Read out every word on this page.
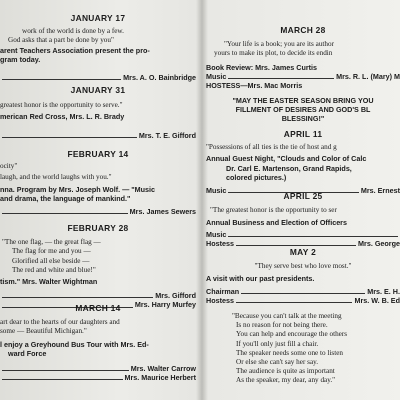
JANUARY 17
work of the world is done by a few.
God asks that a part be done by you"
arent Teachers Association present the pro-
gram today.
Mrs. A. O. Bainbridge
JANUARY 31
greatest honor is the opportunity to serve."
merican Red Cross, Mrs. L. R. Brady
Mrs. T. E. Gifford
FEBRUARY 14
ocity"
laugh, and the world laughs with you."
nna. Program by Mrs. Joseph Wolf. — "Music
and drama, the language of mankind."
Mrs. James Sewers
FEBRUARY 28
"The one flag, — the great flag —
The flag for me and you —
Glorified all else beside —
The red and white and blue!"
tism." Mrs. Walter Wightman
Mrs. Gifford
Mrs. Harry Murfey
MARCH 14
art dear to the hearts of our daughters and
some — Beautiful Michigan."
l enjoy a Greyhound Bus Tour with Mrs. Ed-
ward Force
Mrs. Walter Carrow
Mrs. Maurice Herbert
MARCH 28
"Your life is a book; you are its author
yours to make its plot, to decide its endin
Book Review: Mrs. James Curtis
Music	Mrs. R. L. (Mary) M
HOSTESS—Mrs. Mac Morris
"MAY THE EASTER SEASON BRING YOU
FILLMENT OF DESIRES AND GOD'S BL
BLESSING!"
APRIL 11
"Possessions of all ties is the tie of host and g
Annual Guest Night, "Clouds and Color of Calc
Dr. Carl E. Martenson, Grand Rapids,
colored pictures.)
Music	Mrs. Ernest
APRIL 25
"The greatest honor is the opportunity to ser
Annual Business and Election of Officers
Music
Hostess	Mrs. George
MAY 2
"They serve best who love most."
A visit with our past presidents.
Chairman	Mrs. E. H.
Hostess	Mrs. W. B. Ed
"Because you can't talk at the meeting
Is no reason for not being there.
You can help and encourage the others
If you'll only just fill a chair.
The speaker needs some one to listen
Or else she can't say her say.
The audience is quite as important
As the speaker, my dear, any day."
